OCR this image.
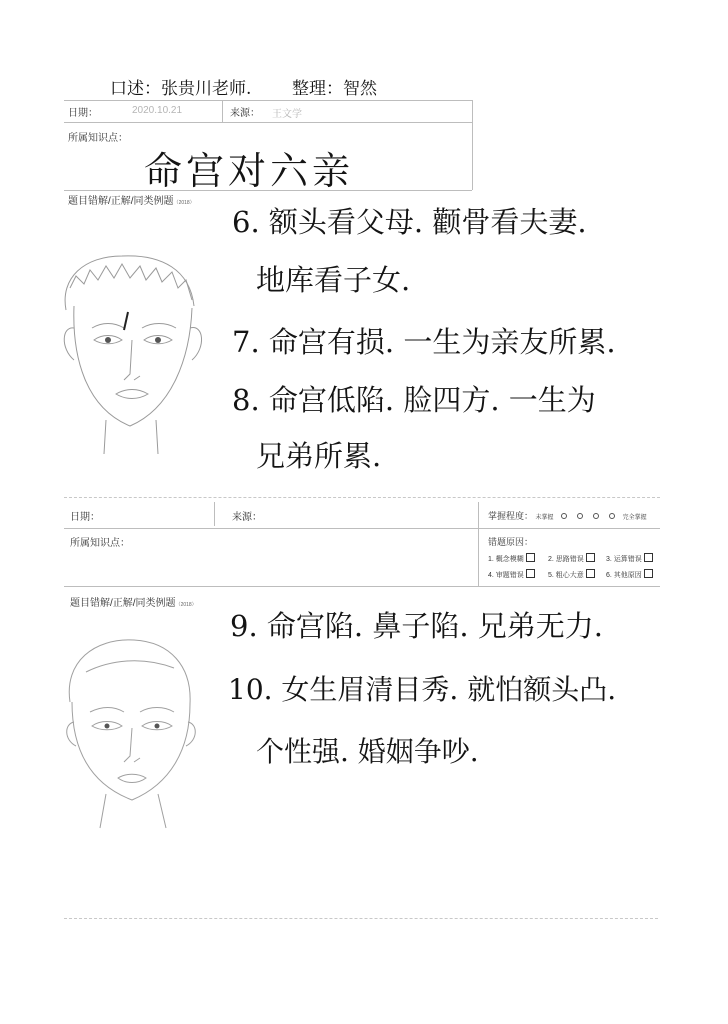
口述：张贵川老师. 整理：智然
日期：	2020.10.21	来源： 王文学
所属知识点：
命宫对六亲
题目错解/正解/同类例题（2018）
6. 额头看父母. 颧骨看夫妻.
地库看子女.
7. 命宫有损. 一生为亲友所累.
8. 命宫低陷. 脸四方. 一生为
兄弟所累.
日期：	来源：	掌握程度： 未掌握	完全掌握
所属知识点：	错题原因：
1. 概念模糊	2. 思路错误	3. 运算错误
4. 审题错误	5. 粗心大意	6. 其他原因
题目错解/正解/同类例题（2018）
9. 命宫陷. 鼻子陷. 兄弟无力.
10. 女生眉清目秀. 就怕额头凸.
个性强. 婚姻争吵.
